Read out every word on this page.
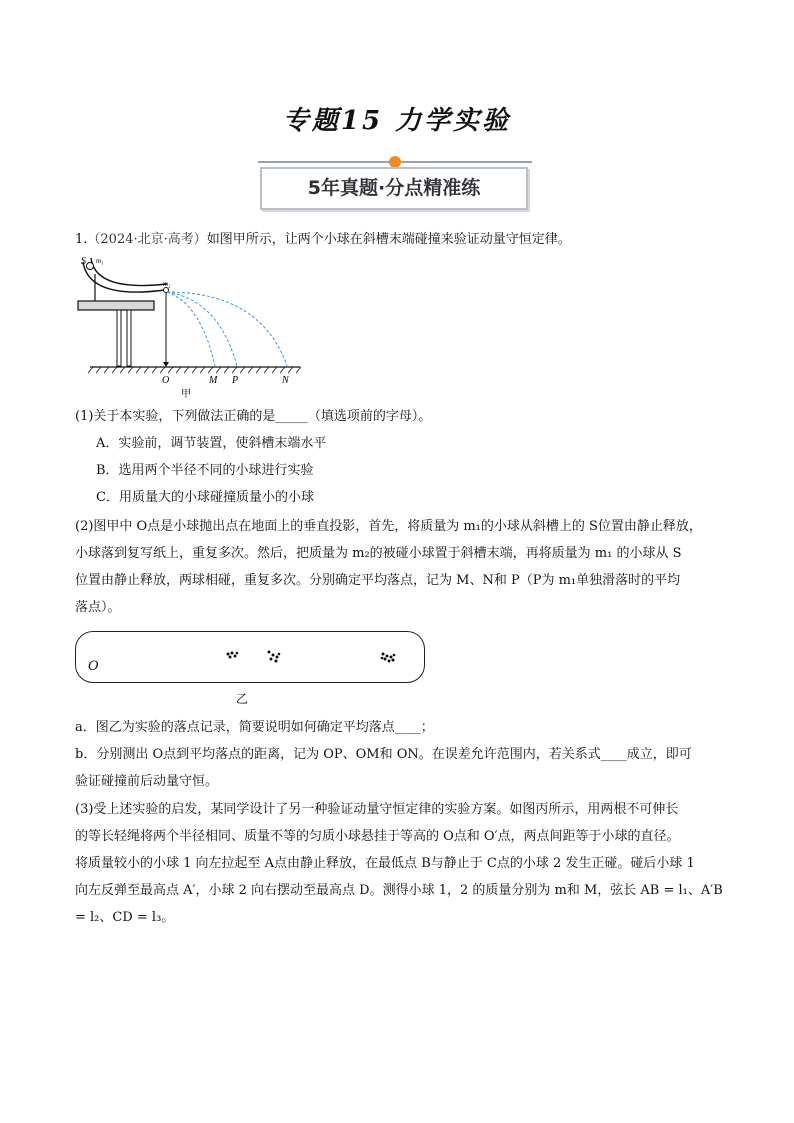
专题15 力学实验
5年真题·分点精准练
1.（2024·北京·高考）如图甲所示，让两个小球在斜槽末端碰撞来验证动量守恒定律。
S m₁
m₂
O	M P	N
甲
(1)关于本实验，下列做法正确的是_____（填选项前的字母）。
A．实验前，调节装置，使斜槽末端水平
B．选用两个半径不同的小球进行实验
C．用质量大的小球碰撞质量小的小球
(2)图甲中 O点是小球抛出点在地面上的垂直投影，首先，将质量为 m₁的小球从斜槽上的 S位置由静止释放，
小球落到复写纸上，重复多次。然后，把质量为 m₂的被碰小球置于斜槽末端，再将质量为 m₁ 的小球从 S
位置由静止释放，两球相碰，重复多次。分别确定平均落点，记为 M、N和 P（P为 m₁单独滑落时的平均
落点）。
O
乙
a．图乙为实验的落点记录，简要说明如何确定平均落点____；
b．分别测出 O点到平均落点的距离，记为 OP、OM和 ON。在误差允许范围内，若关系式____成立，即可
验证碰撞前后动量守恒。
(3)受上述实验的启发，某同学设计了另一种验证动量守恒定律的实验方案。如图丙所示，用两根不可伸长
的等长轻绳将两个半径相同、质量不等的匀质小球悬挂于等高的 O点和 O′点，两点间距等于小球的直径。
将质量较小的小球 1 向左拉起至 A点由静止释放，在最低点 B与静止于 C点的小球 2 发生正碰。碰后小球 1
向左反弹至最高点 A′，小球 2 向右摆动至最高点 D。测得小球 1，2 的质量分别为 m和 M，弦长 AB = l₁、A′B
= l₂、CD = l₃。
